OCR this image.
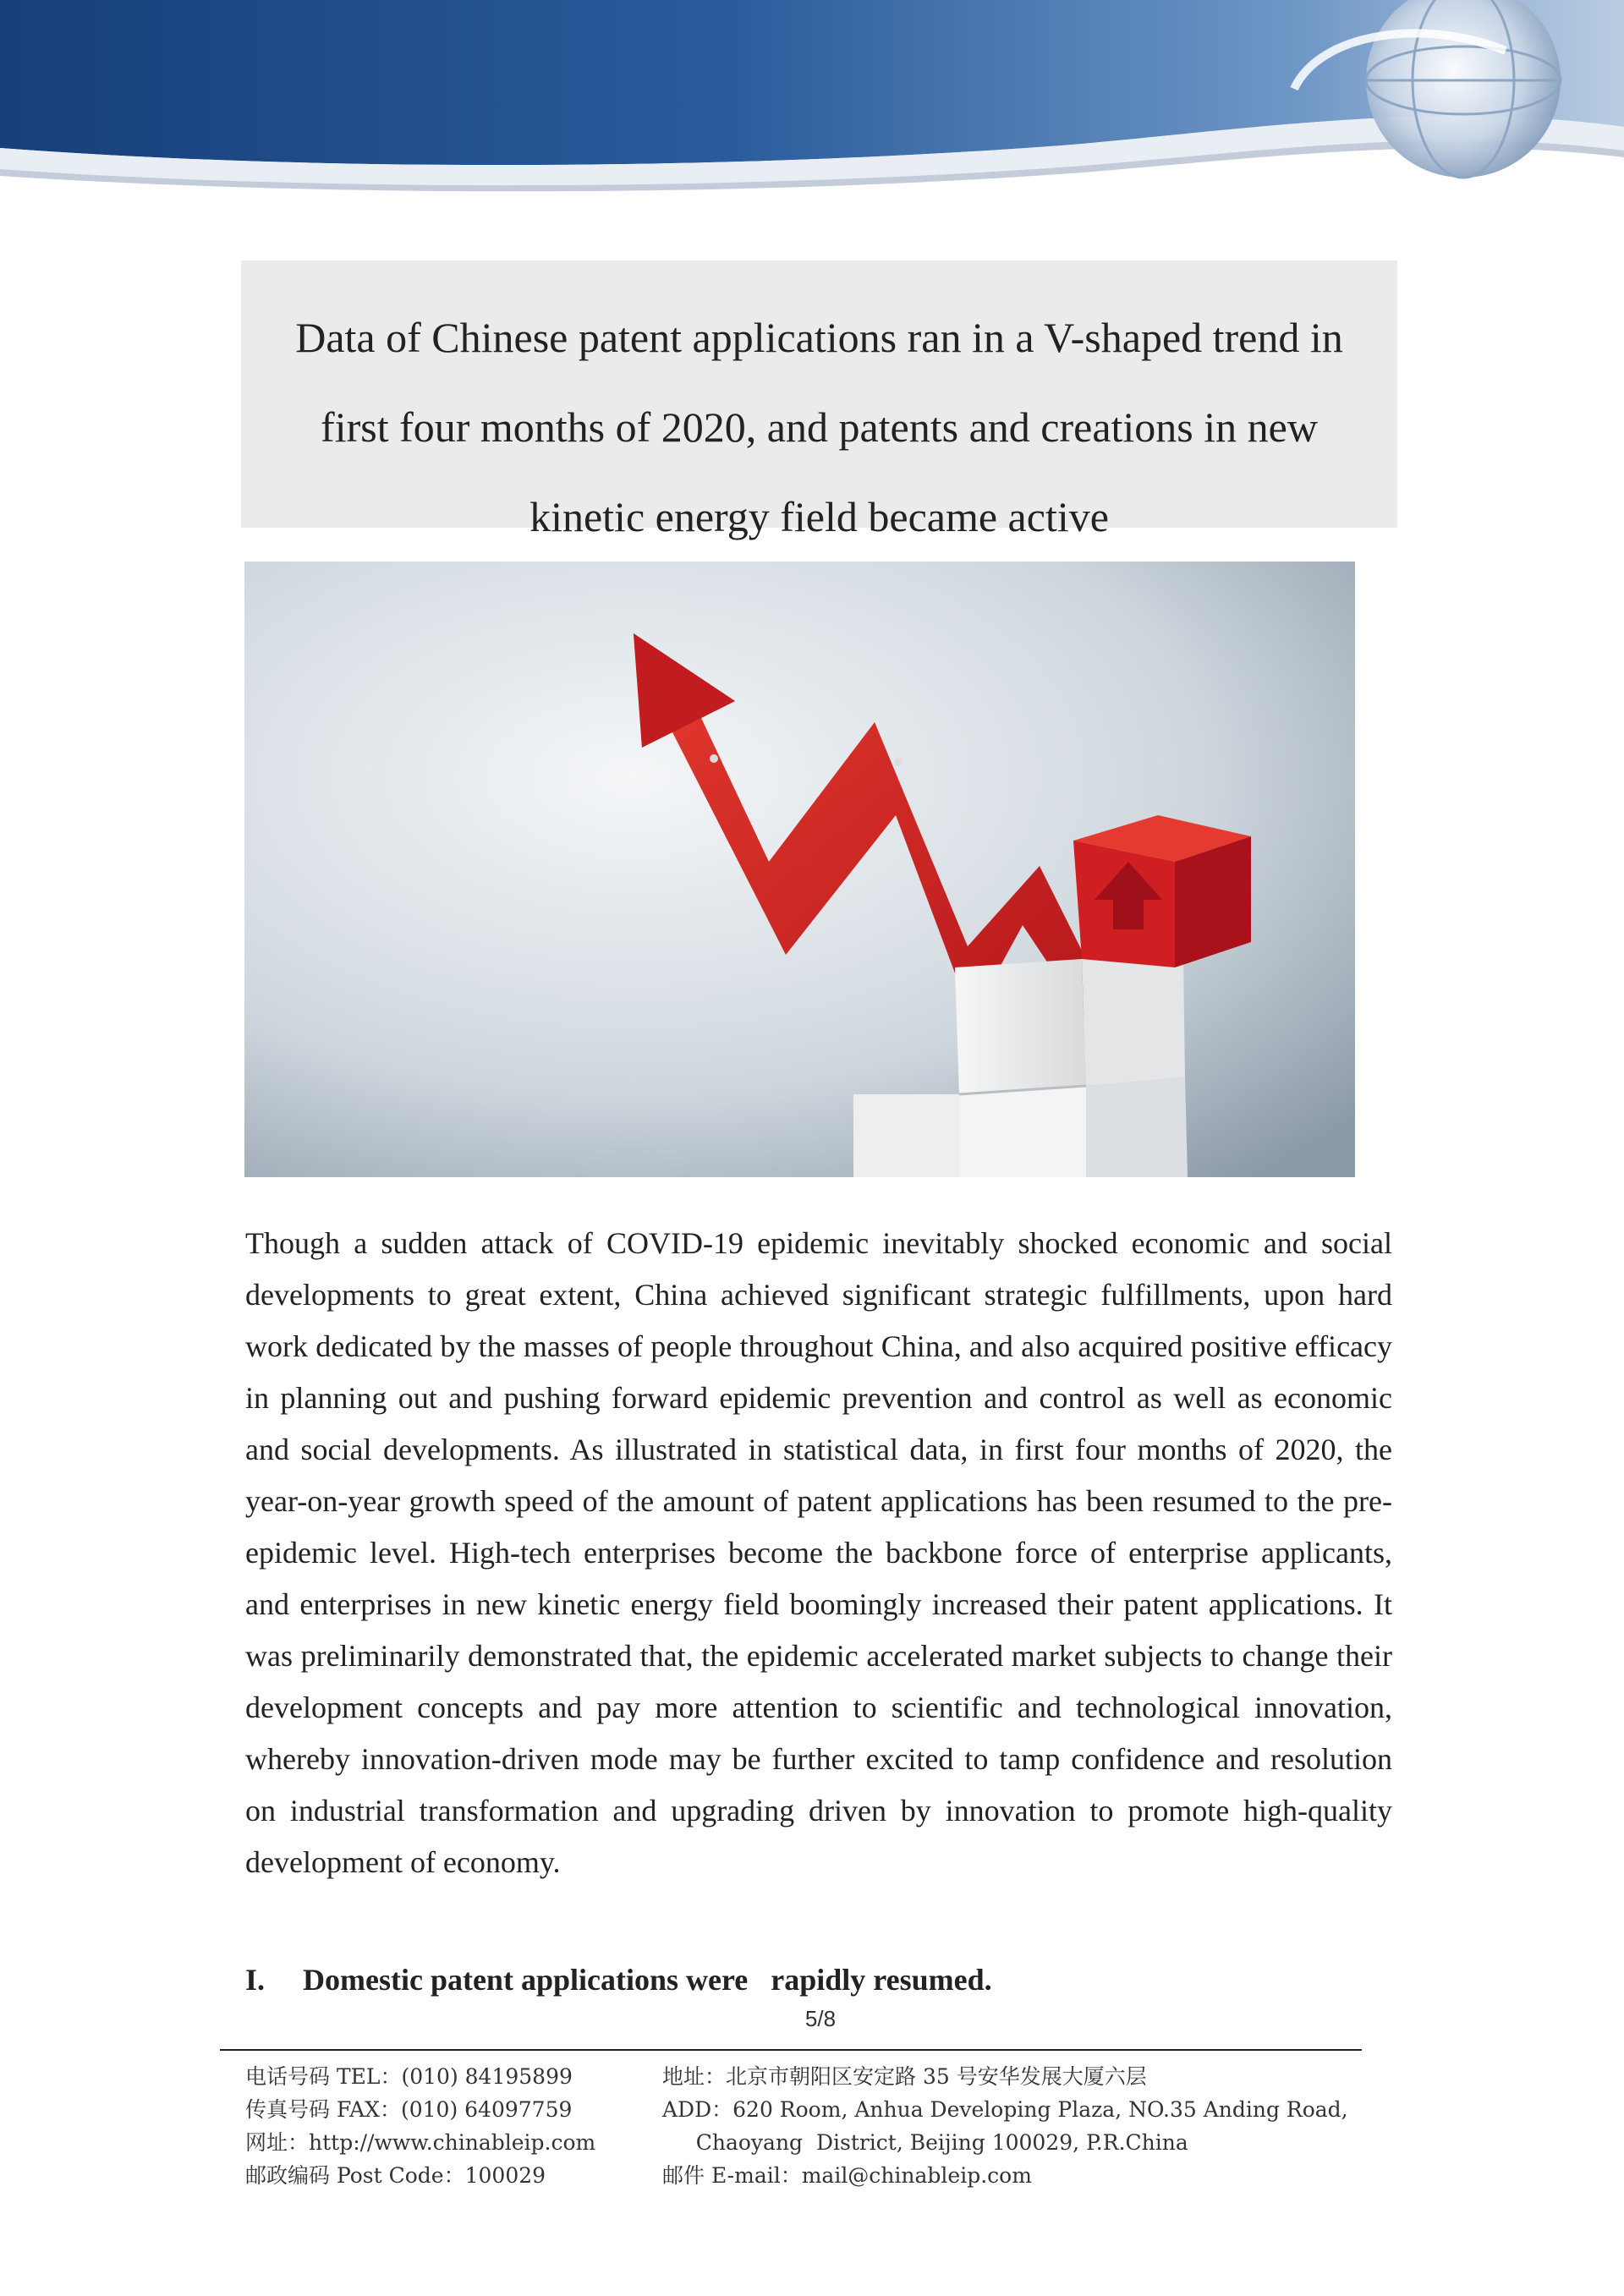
Data of Chinese patent applications ran in a V-shaped trend in
first four months of 2020, and patents and creations in new
kinetic energy field became active
Though a sudden attack of COVID-19 epidemic inevitably shocked economic and social developments to great extent, China achieved significant strategic fulfillments, upon hard work dedicated by the masses of people throughout China, and also acquired positive efficacy in planning out and pushing forward epidemic prevention and control as well as economic and social developments. As illustrated in statistical data, in first four months of 2020, the year-on-year growth speed of the amount of patent applications has been resumed to the pre-epidemic level. High-tech enterprises become the backbone force of enterprise applicants, and enterprises in new kinetic energy field boomingly increased their patent applications. It was preliminarily demonstrated that, the epidemic accelerated market subjects to change their development concepts and pay more attention to scientific and technological innovation, whereby innovation-driven mode may be further excited to tamp confidence and resolution on industrial transformation and upgrading driven by innovation to promote high-quality development of economy.
I. Domestic patent applications were   rapidly resumed.
5/8
电话号码 TEL：(010) 84195899
传真号码 FAX：(010) 64097759
网址：http://www.chinableip.com
邮政编码 Post Code：100029
地址：北京市朝阳区安定路 35 号安华发展大厦六层
ADD：620 Room, Anhua Developing Plaza, NO.35 Anding Road,
Chaoyang  District, Beijing 100029, P.R.China
邮件 E-mail：mail@chinableip.com
